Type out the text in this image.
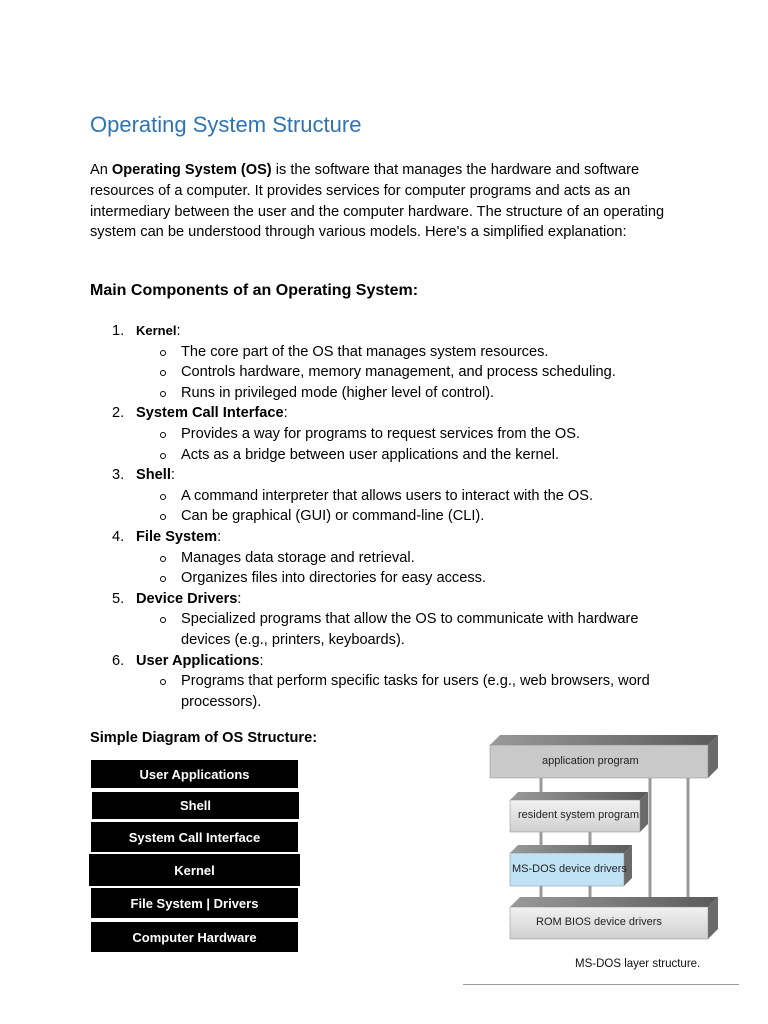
Operating System Structure

An Operating System (OS) is the software that manages the hardware and software resources of a computer. It provides services for computer programs and acts as an intermediary between the user and the computer hardware. The structure of an operating system can be understood through various models. Here's a simplified explanation:

Main Components of an Operating System:
1. Kernel:
The core part of the OS that manages system resources.
Controls hardware, memory management, and process scheduling.
Runs in privileged mode (higher level of control).
2. System Call Interface:
Provides a way for programs to request services from the OS.
Acts as a bridge between user applications and the kernel.
3. Shell:
A command interpreter that allows users to interact with the OS.
Can be graphical (GUI) or command-line (CLI).
4. File System:
Manages data storage and retrieval.
Organizes files into directories for easy access.
5. Device Drivers:
Specialized programs that allow the OS to communicate with hardware devices (e.g., printers, keyboards).
6. User Applications:
Programs that perform specific tasks for users (e.g., web browsers, word processors).
Simple Diagram of OS Structure:
User Applications
Shell
System Call Interface
Kernel
File System | Drivers
Computer Hardware
application program
resident system program
MS-DOS device drivers
ROM BIOS device drivers
MS-DOS layer structure.
